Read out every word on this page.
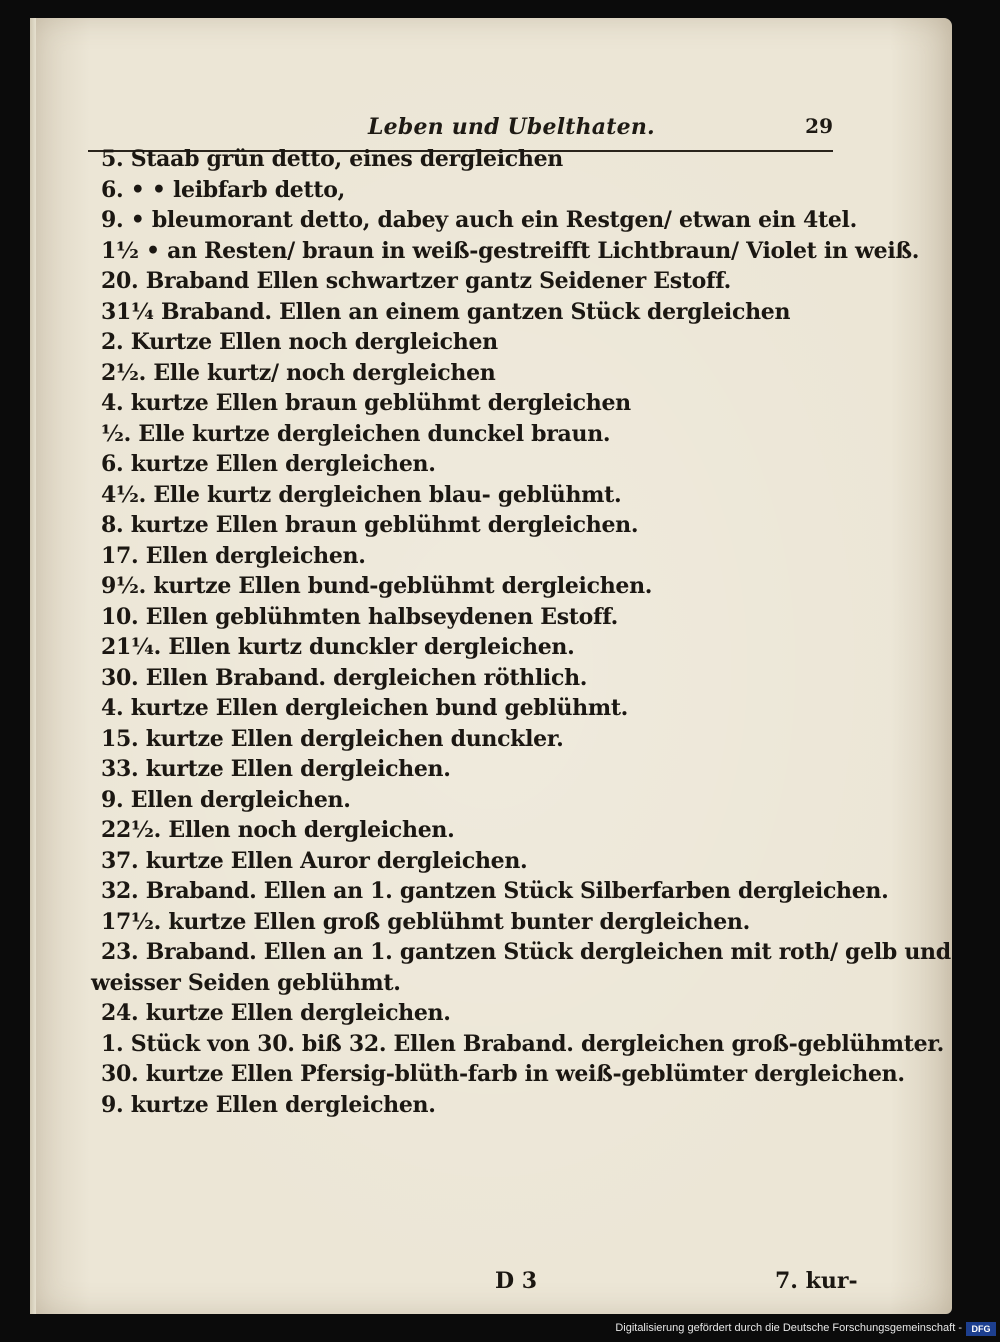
Leben und Ubelthaten.	29
5. Staab grün detto, eines dergleichen
6. • • leibfarb detto,
9. • bleumorant detto, dabey auch ein Restgen/ etwan ein 4tel.
1½ • an Resten/ braun in weiß-gestreifft Lichtbraun/ Violet in weiß.
20. Braband Ellen schwartzer gantz Seidener Estoff.
31¼ Braband. Ellen an einem gantzen Stück dergleichen
2. Kurtze Ellen noch dergleichen
2½. Elle kurtz/ noch dergleichen
4. kurtze Ellen braun geblühmt dergleichen
½. Elle kurtze dergleichen dunckel braun.
6. kurtze Ellen dergleichen.
4½. Elle kurtz dergleichen blau- geblühmt.
8. kurtze Ellen braun geblühmt dergleichen.
17. Ellen dergleichen.
9½. kurtze Ellen bund-geblühmt dergleichen.
10. Ellen geblühmten halbseydenen Estoff.
21¼. Ellen kurtz dunckler dergleichen.
30. Ellen Braband. dergleichen röthlich.
4. kurtze Ellen dergleichen bund geblühmt.
15. kurtze Ellen dergleichen dunckler.
33. kurtze Ellen dergleichen.
9. Ellen dergleichen.
22½. Ellen noch dergleichen.
37. kurtze Ellen Auror dergleichen.
32. Braband. Ellen an 1. gantzen Stück Silberfarben dergleichen.
17½. kurtze Ellen groß geblühmt bunter dergleichen.
23. Braband. Ellen an 1. gantzen Stück dergleichen mit roth/ gelb und
weisser Seiden geblühmt.
24. kurtze Ellen dergleichen.
1. Stück von 30. biß 32. Ellen Braband. dergleichen groß-geblühmter.
30. kurtze Ellen Pfersig-blüth-farb in weiß-geblümter dergleichen.
9. kurtze Ellen dergleichen.
D 3	7. kur-
Digitalisierung gefördert durch die Deutsche Forschungsgemeinschaft -	DFG
